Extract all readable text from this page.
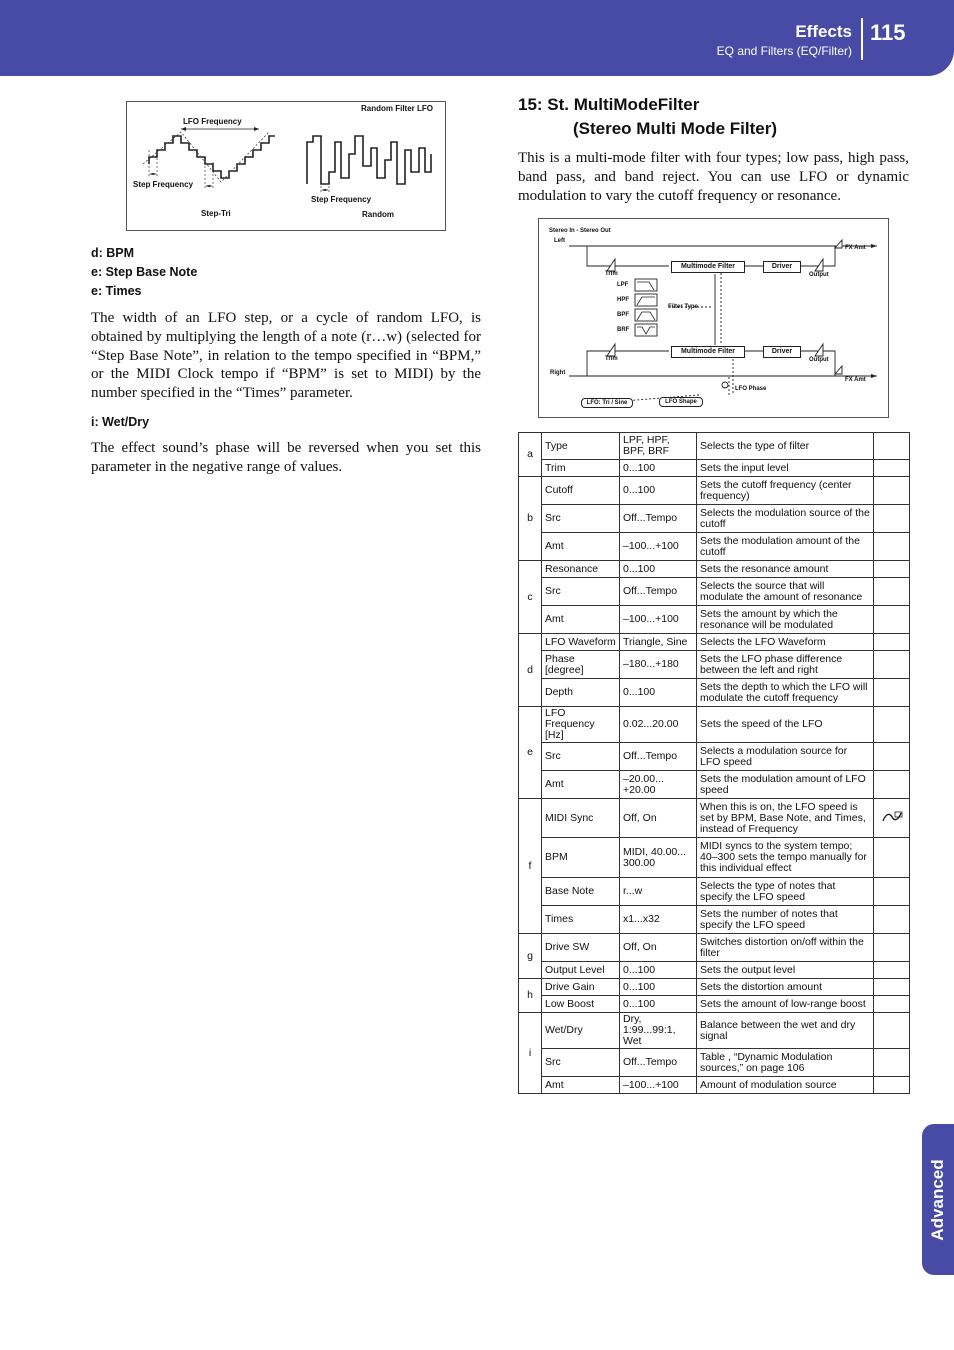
Effects
EQ and Filters (EQ/Filter)
115
Advanced
Random Filter LFO
LFO Frequency
Step Frequency
Step Frequency
Step-Tri	Random
d: BPM
e: Step Base Note
e: Times
The width of an LFO step, or a cycle of random LFO, is obtained by multiplying the length of a note (r…w) (selected for “Step Base Note”, in relation to the tempo specified in “BPM,” or the MIDI Clock tempo if “BPM” is set to MIDI) by the number specified in the “Times” parameter.
i: Wet/Dry
The effect sound’s phase will be reversed when you set this parameter in the negative range of values.
15: St. MultiModeFilter
(Stereo Multi Mode Filter)
This is a multi-mode filter with four types; low pass, high pass, band pass, and band reject. You can use LFO or dynamic modulation to vary the cutoff frequency or resonance.
Stereo In - Stereo Out
Left
Right
Trim
Trim
Multimode Filter
Multimode Filter
Driver
Driver
Output
Output
FX Amt
FX Amt
LPF
HPF
BPF
BRF
Filter Type
LFO Phase
LFO: Tri / Sine	LFO Shape
a	Type	LPF, HPF, BPF, BRF	Selects the type of filter	
	Trim	0...100	Sets the input level	
b	Cutoff	0...100	Sets the cutoff frequency (center frequency)	
	Src	Off...Tempo	Selects the modulation source of the cutoff	
	Amt	–100...+100	Sets the modulation amount of the cutoff	
c	Resonance	0...100	Sets the resonance amount	
	Src	Off...Tempo	Selects the source that will modulate the amount of resonance	
	Amt	–100...+100	Sets the amount by which the resonance will be modulated	
d	LFO Waveform	Triangle, Sine	Selects the LFO Waveform	
	Phase [degree]	–180...+180	Sets the LFO phase difference between the left and right	
	Depth	0...100	Sets the depth to which the LFO will modulate the cutoff frequency	
e	LFO Frequency [Hz]	0.02...20.00	Sets the speed of the LFO	
	Src	Off...Tempo	Selects a modulation source for LFO speed	
	Amt	–20.00... +20.00	Sets the modulation amount of LFO speed	
f	MIDI Sync	Off, On	When this is on, the LFO speed is set by BPM, Base Note, and Times, instead of Frequency	
	BPM	MIDI, 40.00... 300.00	MIDI syncs to the system tempo; 40–300 sets the tempo manually for this individual effect	
	Base Note	r...w	Selects the type of notes that specify the LFO speed	
	Times	x1...x32	Sets the number of notes that specify the LFO speed	
g	Drive SW	Off, On	Switches distortion on/off within the filter	
	Output Level	0...100	Sets the output level	
h	Drive Gain	0...100	Sets the distortion amount	
	Low Boost	0...100	Sets the amount of low-range boost	
i	Wet/Dry	Dry, 1:99...99:1, Wet	Balance between the wet and dry signal	
	Src	Off...Tempo	Table , “Dynamic Modulation sources,” on page 106	
	Amt	–100...+100	Amount of modulation source	
